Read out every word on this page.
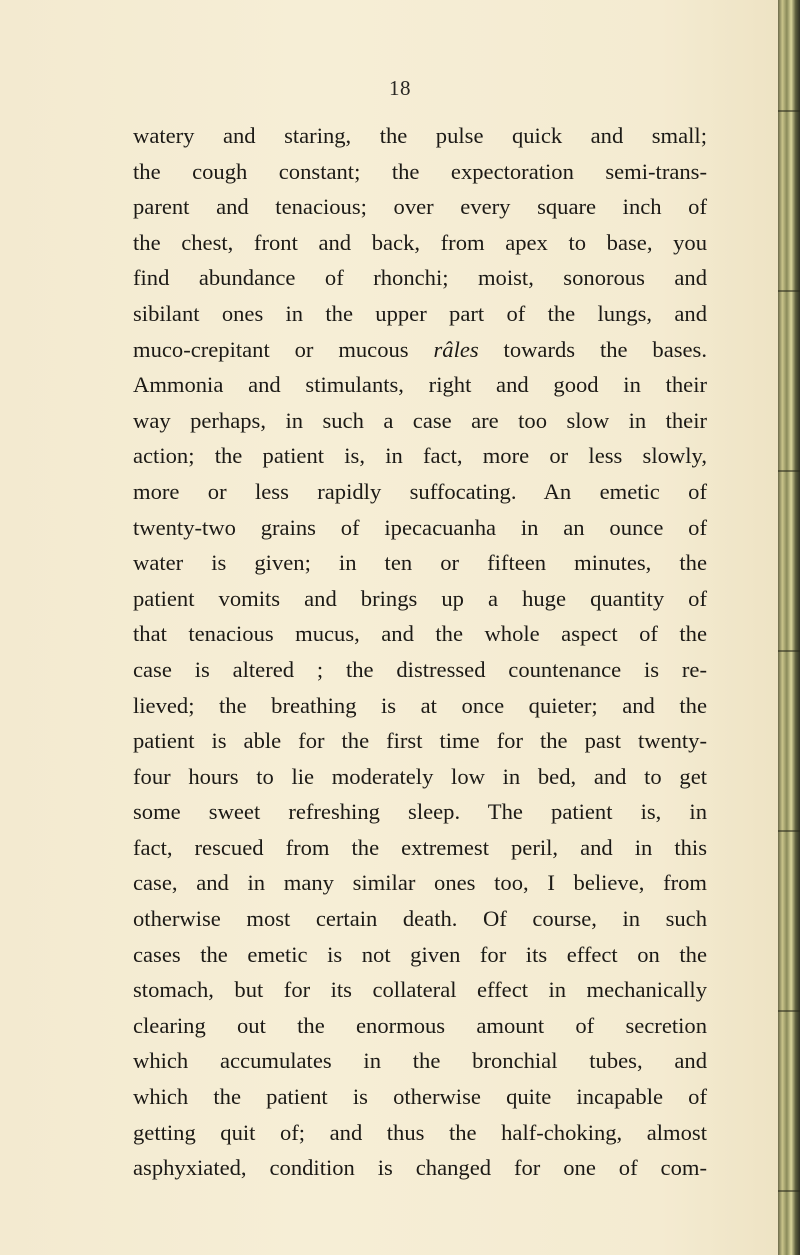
18
watery and staring, the pulse quick and small;
the cough constant; the expectoration semi-trans-
parent and tenacious; over every square inch of
the chest, front and back, from apex to base, you
find abundance of rhonchi; moist, sonorous and
sibilant ones in the upper part of the lungs, and
muco-crepitant or mucous râles towards the bases.
Ammonia and stimulants, right and good in their
way perhaps, in such a case are too slow in their
action; the patient is, in fact, more or less slowly,
more or less rapidly suffocating. An emetic of
twenty-two grains of ipecacuanha in an ounce of
water is given; in ten or fifteen minutes, the
patient vomits and brings up a huge quantity of
that tenacious mucus, and the whole aspect of the
case is altered ; the distressed countenance is re-
lieved; the breathing is at once quieter; and the
patient is able for the first time for the past twenty-
four hours to lie moderately low in bed, and to get
some sweet refreshing sleep. The patient is, in
fact, rescued from the extremest peril, and in this
case, and in many similar ones too, I believe, from
otherwise most certain death. Of course, in such
cases the emetic is not given for its effect on the
stomach, but for its collateral effect in mechanically
clearing out the enormous amount of secretion
which accumulates in the bronchial tubes, and
which the patient is otherwise quite incapable of
getting quit of; and thus the half-choking, almost
asphyxiated, condition is changed for one of com-
